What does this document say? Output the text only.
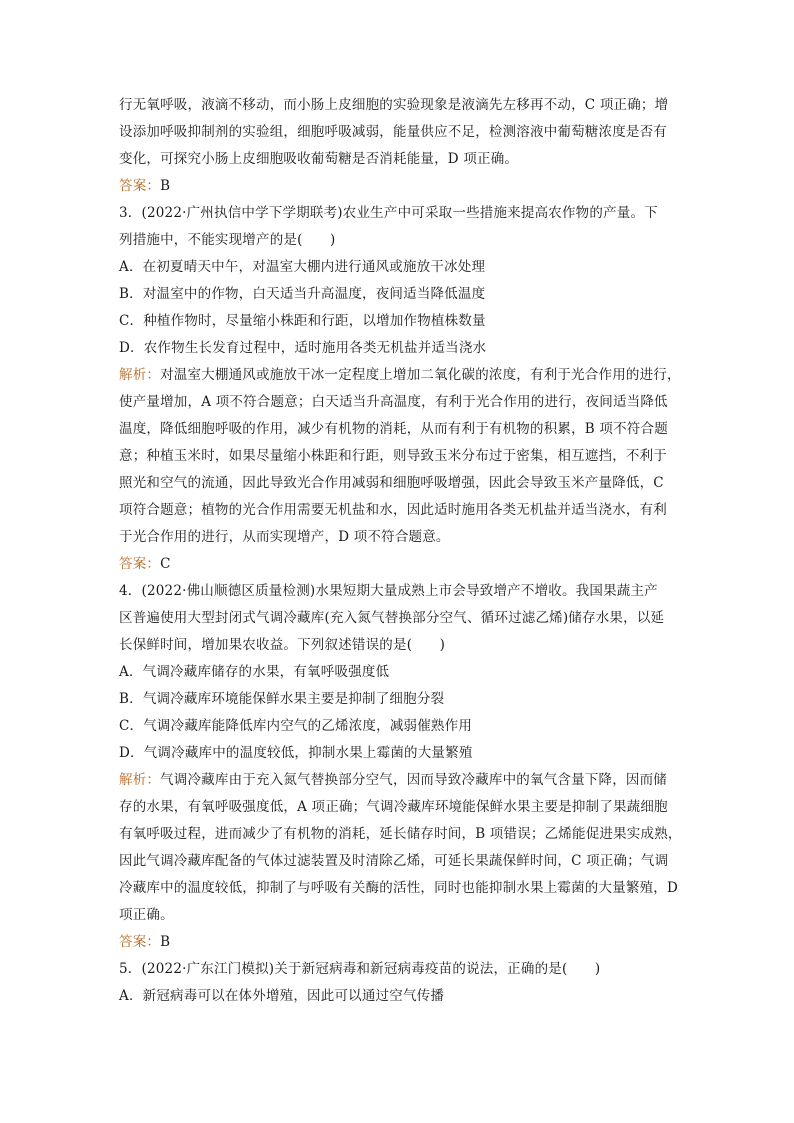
行无氧呼吸，液滴不移动，而小肠上皮细胞的实验现象是液滴先左移再不动，C 项正确；增
设添加呼吸抑制剂的实验组，细胞呼吸减弱，能量供应不足，检测溶液中葡萄糖浓度是否有
变化，可探究小肠上皮细胞吸收葡萄糖是否消耗能量，D 项正确。
答案：B
3．(2022·广州执信中学下学期联考)农业生产中可采取一些措施来提高农作物的产量。下
列措施中，不能实现增产的是(　　)
A．在初夏晴天中午，对温室大棚内进行通风或施放干冰处理
B．对温室中的作物，白天适当升高温度，夜间适当降低温度
C．种植作物时，尽量缩小株距和行距，以增加作物植株数量
D．农作物生长发育过程中，适时施用各类无机盐并适当浇水
解析：对温室大棚通风或施放干冰一定程度上增加二氧化碳的浓度，有利于光合作用的进行，
使产量增加，A 项不符合题意；白天适当升高温度，有利于光合作用的进行，夜间适当降低
温度，降低细胞呼吸的作用，减少有机物的消耗，从而有利于有机物的积累，B 项不符合题
意；种植玉米时，如果尽量缩小株距和行距，则导致玉米分布过于密集，相互遮挡，不利于
照光和空气的流通，因此导致光合作用减弱和细胞呼吸增强，因此会导致玉米产量降低，C
项符合题意；植物的光合作用需要无机盐和水，因此适时施用各类无机盐并适当浇水，有利
于光合作用的进行，从而实现增产，D 项不符合题意。
答案：C
4．(2022·佛山顺德区质量检测)水果短期大量成熟上市会导致增产不增收。我国果蔬主产
区普遍使用大型封闭式气调冷藏库(充入氮气替换部分空气、循环过滤乙烯)储存水果，以延
长保鲜时间，增加果农收益。下列叙述错误的是(　　)
A．气调冷藏库储存的水果，有氧呼吸强度低
B．气调冷藏库环境能保鲜水果主要是抑制了细胞分裂
C．气调冷藏库能降低库内空气的乙烯浓度，减弱催熟作用
D．气调冷藏库中的温度较低，抑制水果上霉菌的大量繁殖
解析：气调冷藏库由于充入氮气替换部分空气，因而导致冷藏库中的氧气含量下降，因而储
存的水果，有氧呼吸强度低，A 项正确；气调冷藏库环境能保鲜水果主要是抑制了果蔬细胞
有氧呼吸过程，进而减少了有机物的消耗，延长储存时间，B 项错误；乙烯能促进果实成熟，
因此气调冷藏库配备的气体过滤装置及时清除乙烯，可延长果蔬保鲜时间，C 项正确；气调
冷藏库中的温度较低，抑制了与呼吸有关酶的活性，同时也能抑制水果上霉菌的大量繁殖，D
项正确。
答案：B
5．(2022·广东江门模拟)关于新冠病毒和新冠病毒疫苗的说法，正确的是(　　)
A．新冠病毒可以在体外增殖，因此可以通过空气传播
